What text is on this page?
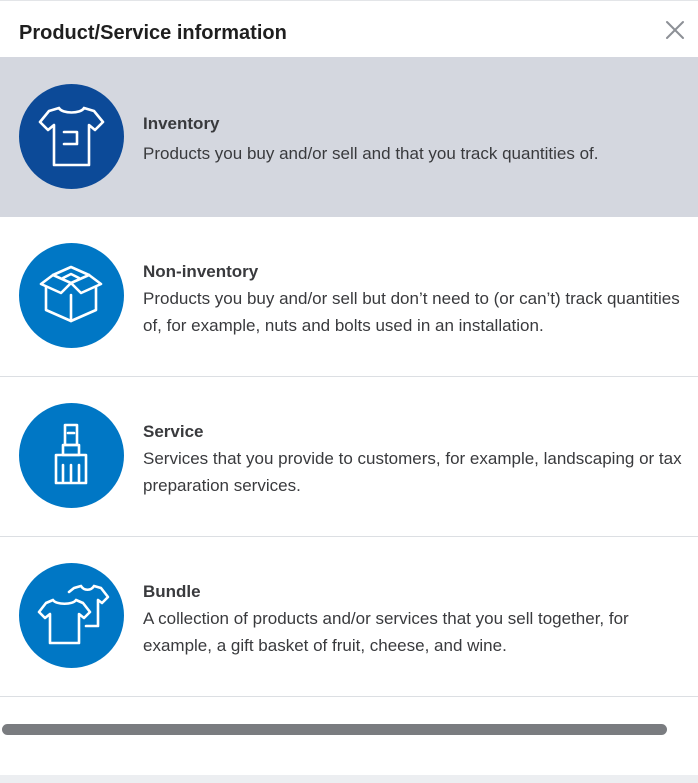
Product/Service information
Inventory
Products you buy and/or sell and that you track quantities of.
Non-inventory
Products you buy and/or sell but don’t need to (or can’t) track quantities of, for example, nuts and bolts used in an installation.
Service
Services that you provide to customers, for example, landscaping or tax preparation services.
Bundle
A collection of products and/or services that you sell together, for example, a gift basket of fruit, cheese, and wine.
